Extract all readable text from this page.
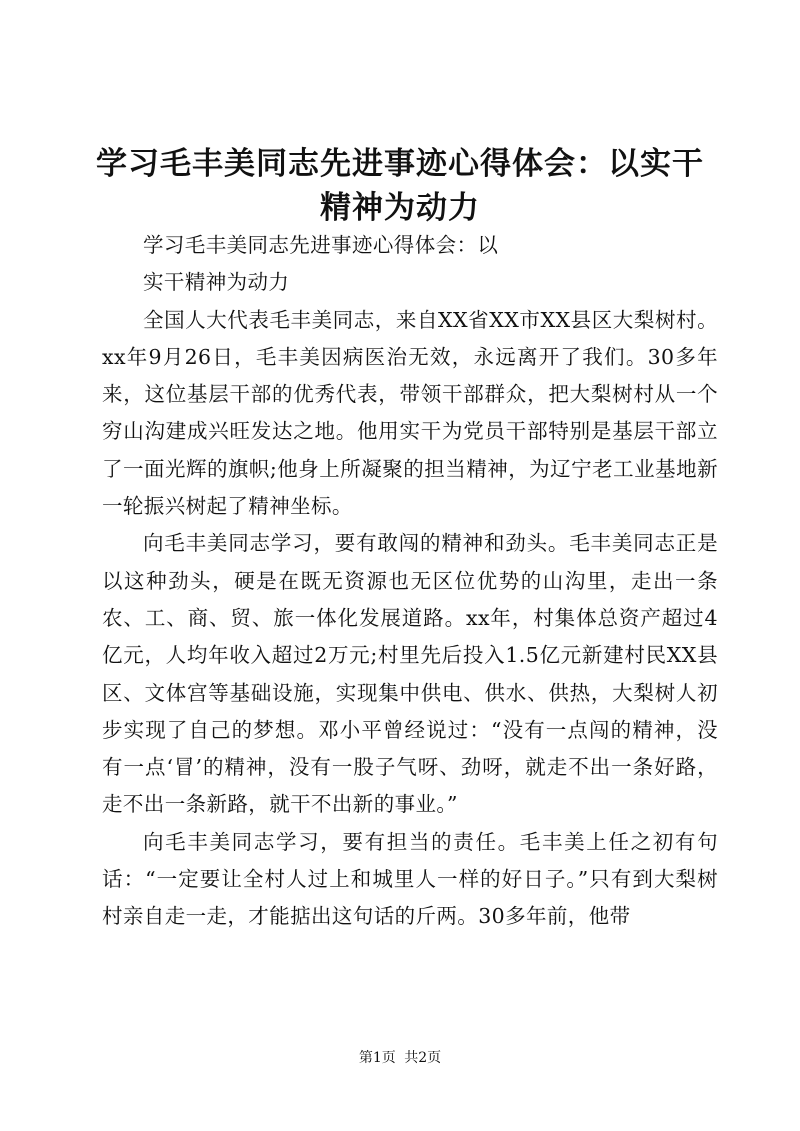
学习毛丰美同志先进事迹心得体会：以实干精神为动力

学习毛丰美同志先进事迹心得体会：以

实干精神为动力

全国人大代表毛丰美同志，来自XX省XX市XX县区大梨树村。xx年9月26日，毛丰美因病医治无效，永远离开了我们。30多年来，这位基层干部的优秀代表，带领干部群众，把大梨树村从一个穷山沟建成兴旺发达之地。他用实干为党员干部特别是基层干部立了一面光辉的旗帜;他身上所凝聚的担当精神，为辽宁老工业基地新一轮振兴树起了精神坐标。

向毛丰美同志学习，要有敢闯的精神和劲头。毛丰美同志正是以这种劲头，硬是在既无资源也无区位优势的山沟里，走出一条农、工、商、贸、旅一体化发展道路。xx年，村集体总资产超过4亿元，人均年收入超过2万元;村里先后投入1.5亿元新建村民XX县区、文体宫等基础设施，实现集中供电、供水、供热，大梨树人初步实现了自己的梦想。邓小平曾经说过：“没有一点闯的精神，没有一点‘冒’的精神，没有一股子气呀、劲呀，就走不出一条好路，走不出一条新路，就干不出新的事业。”

向毛丰美同志学习，要有担当的责任。毛丰美上任之初有句话：“一定要让全村人过上和城里人一样的好日子。”只有到大梨树村亲自走一走，才能掂出这句话的斤两。30多年前，他带

第1页 共2页
